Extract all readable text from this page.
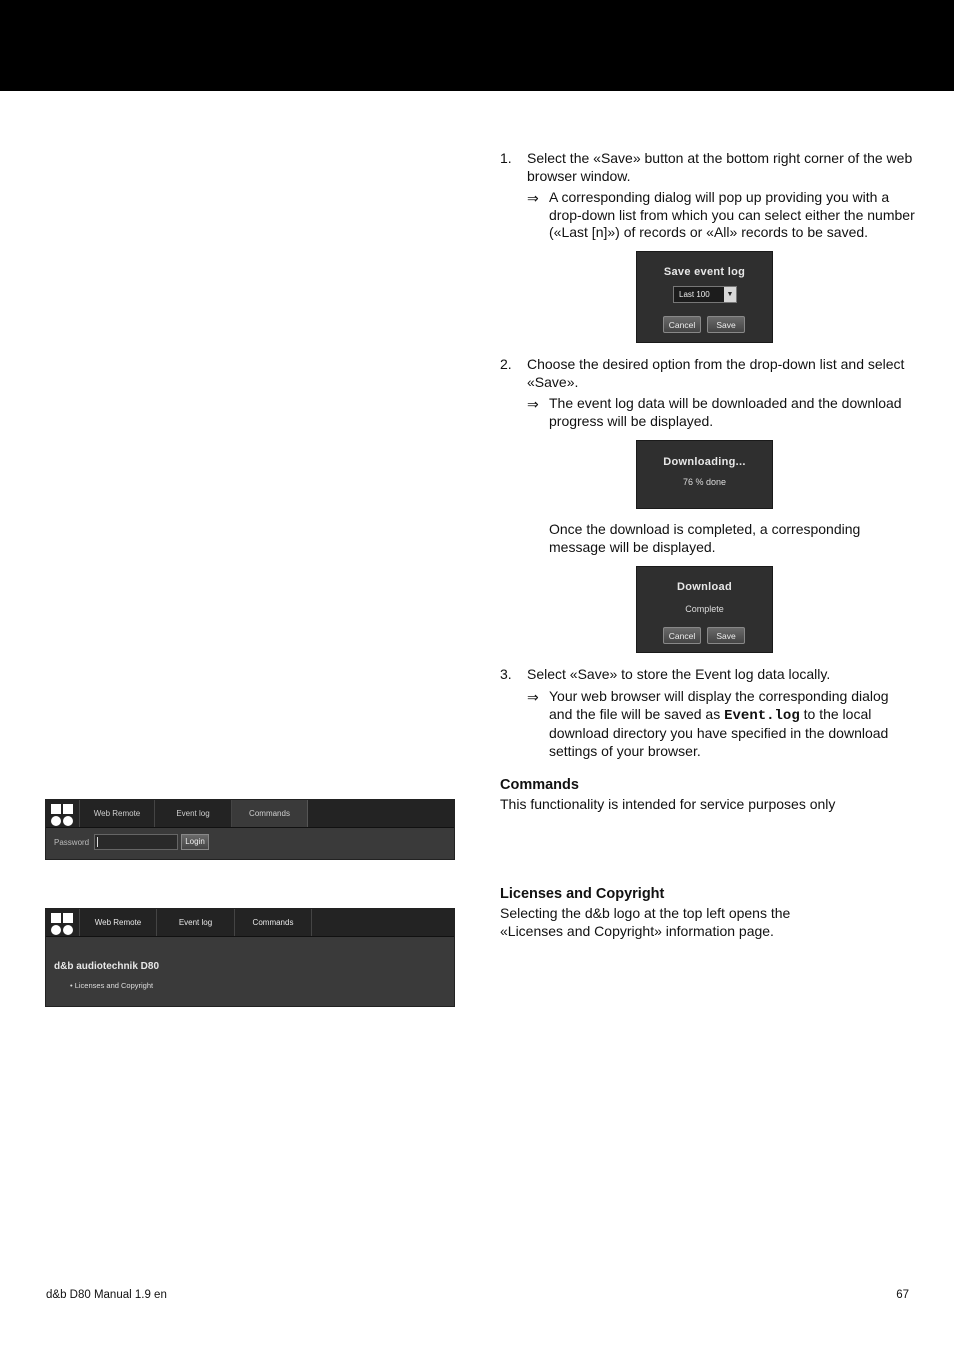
1. Select the «Save» button at the bottom right corner of the web
browser window.
⇒ A corresponding dialog will pop up providing you with a
drop-down list from which you can select either the number
(«Last [n]») of records or «All» records to be saved.
Save event log
Last 100	▼
Cancel	Save
2. Choose the desired option from the drop-down list and select
«Save».
⇒ The event log data will be downloaded and the download
progress will be displayed.
Downloading...
76 % done
Once the download is completed, a corresponding
message will be displayed.
Download
Complete
Cancel	Save
3. Select «Save» to store the Event log data locally.
⇒ Your web browser will display the corresponding dialog
and the file will be saved as Event.log to the local
download directory you have specified in the download
settings of your browser.
Commands
This functionality is intended for service purposes only
Licenses and Copyright
Selecting the d&b logo at the top left opens the
«Licenses and Copyright» information page.
Web Remote	Event log	Commands
Password	Login
Web Remote	Event log	Commands
d&b audiotechnik D80
• Licenses and Copyright
d&b D80 Manual 1.9 en	67
